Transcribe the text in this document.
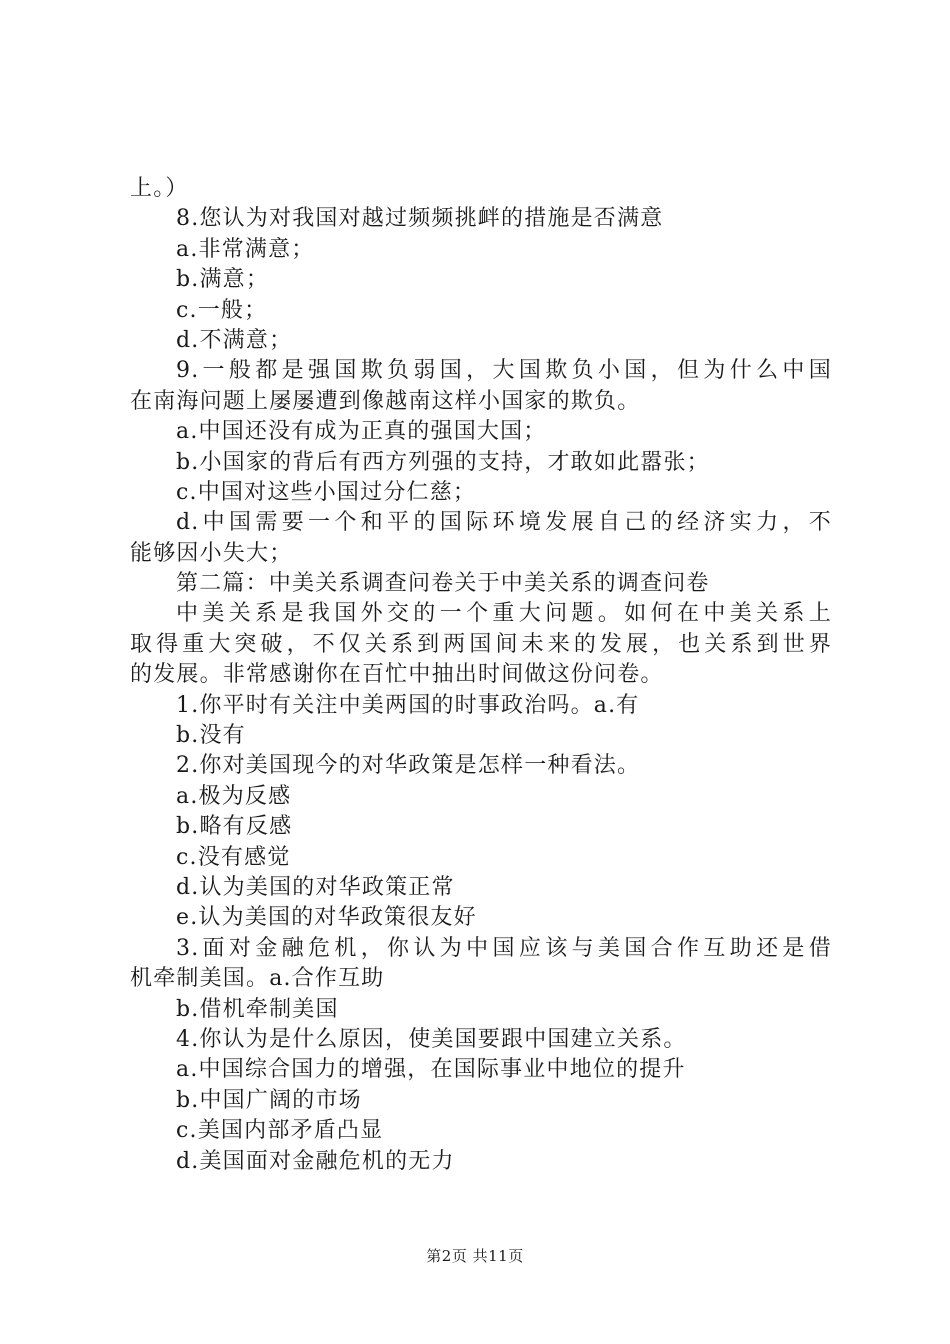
上。）
8.您认为对我国对越过频频挑衅的措施是否满意
a.非常满意；
b.满意；
c.一般；
d.不满意；
9.一般都是强国欺负弱国，大国欺负小国，但为什么中国
在南海问题上屡屡遭到像越南这样小国家的欺负。
a.中国还没有成为正真的强国大国；
b.小国家的背后有西方列强的支持，才敢如此嚣张；
c.中国对这些小国过分仁慈；
d.中国需要一个和平的国际环境发展自己的经济实力，不
能够因小失大；
第二篇：中美关系调查问卷关于中美关系的调查问卷
中美关系是我国外交的一个重大问题。如何在中美关系上
取得重大突破，不仅关系到两国间未来的发展，也关系到世界
的发展。非常感谢你在百忙中抽出时间做这份问卷。
1.你平时有关注中美两国的时事政治吗。a.有
b.没有
2.你对美国现今的对华政策是怎样一种看法。
a.极为反感
b.略有反感
c.没有感觉
d.认为美国的对华政策正常
e.认为美国的对华政策很友好
3.面对金融危机，你认为中国应该与美国合作互助还是借
机牵制美国。a.合作互助
b.借机牵制美国
4.你认为是什么原因，使美国要跟中国建立关系。
a.中国综合国力的增强，在国际事业中地位的提升
b.中国广阔的市场
c.美国内部矛盾凸显
d.美国面对金融危机的无力
第2页 共11页
